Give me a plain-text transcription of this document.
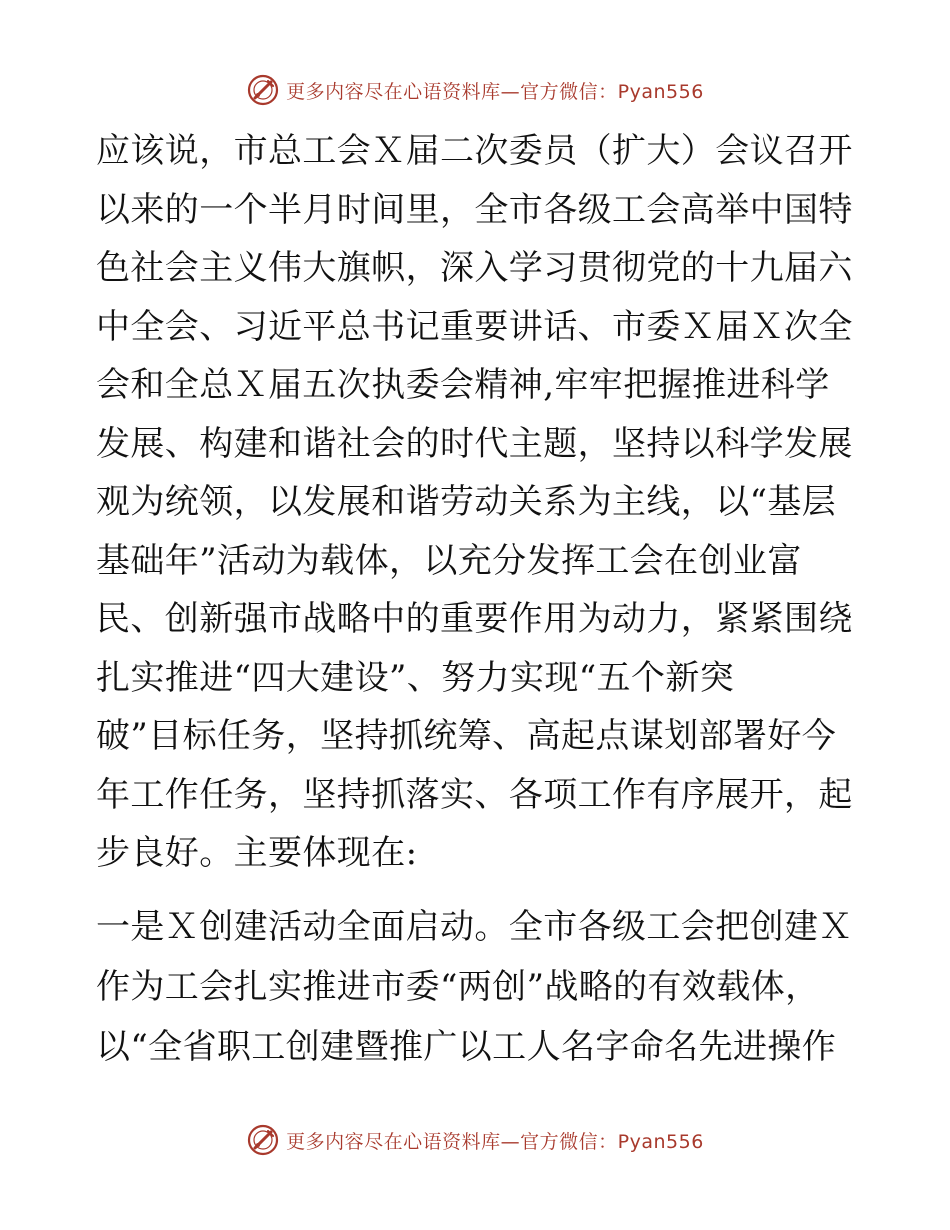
更多内容尽在心语资料库—官方微信：Pyan556

应该说，市总工会Ｘ届二次委员（扩大）会议召开
以来的一个半月时间里，全市各级工会高举中国特
色社会主义伟大旗帜，深入学习贯彻党的十九届六
中全会、习近平总书记重要讲话、市委Ｘ届Ｘ次全
会和全总Ｘ届五次执委会精神,牢牢把握推进科学
发展、构建和谐社会的时代主题，坚持以科学发展
观为统领，以发展和谐劳动关系为主线，以“基层
基础年”活动为载体，以充分发挥工会在创业富
民、创新强市战略中的重要作用为动力，紧紧围绕
扎实推进“四大建设”、努力实现“五个新突
破”目标任务，坚持抓统筹、高起点谋划部署好今
年工作任务，坚持抓落实、各项工作有序展开，起
步良好。主要体现在:

一是Ｘ创建活动全面启动。全市各级工会把创建Ｘ
作为工会扎实推进市委“两创”战略的有效载体，
以“全省职工创建暨推广以工人名字命名先进操作

更多内容尽在心语资料库—官方微信：Pyan556
